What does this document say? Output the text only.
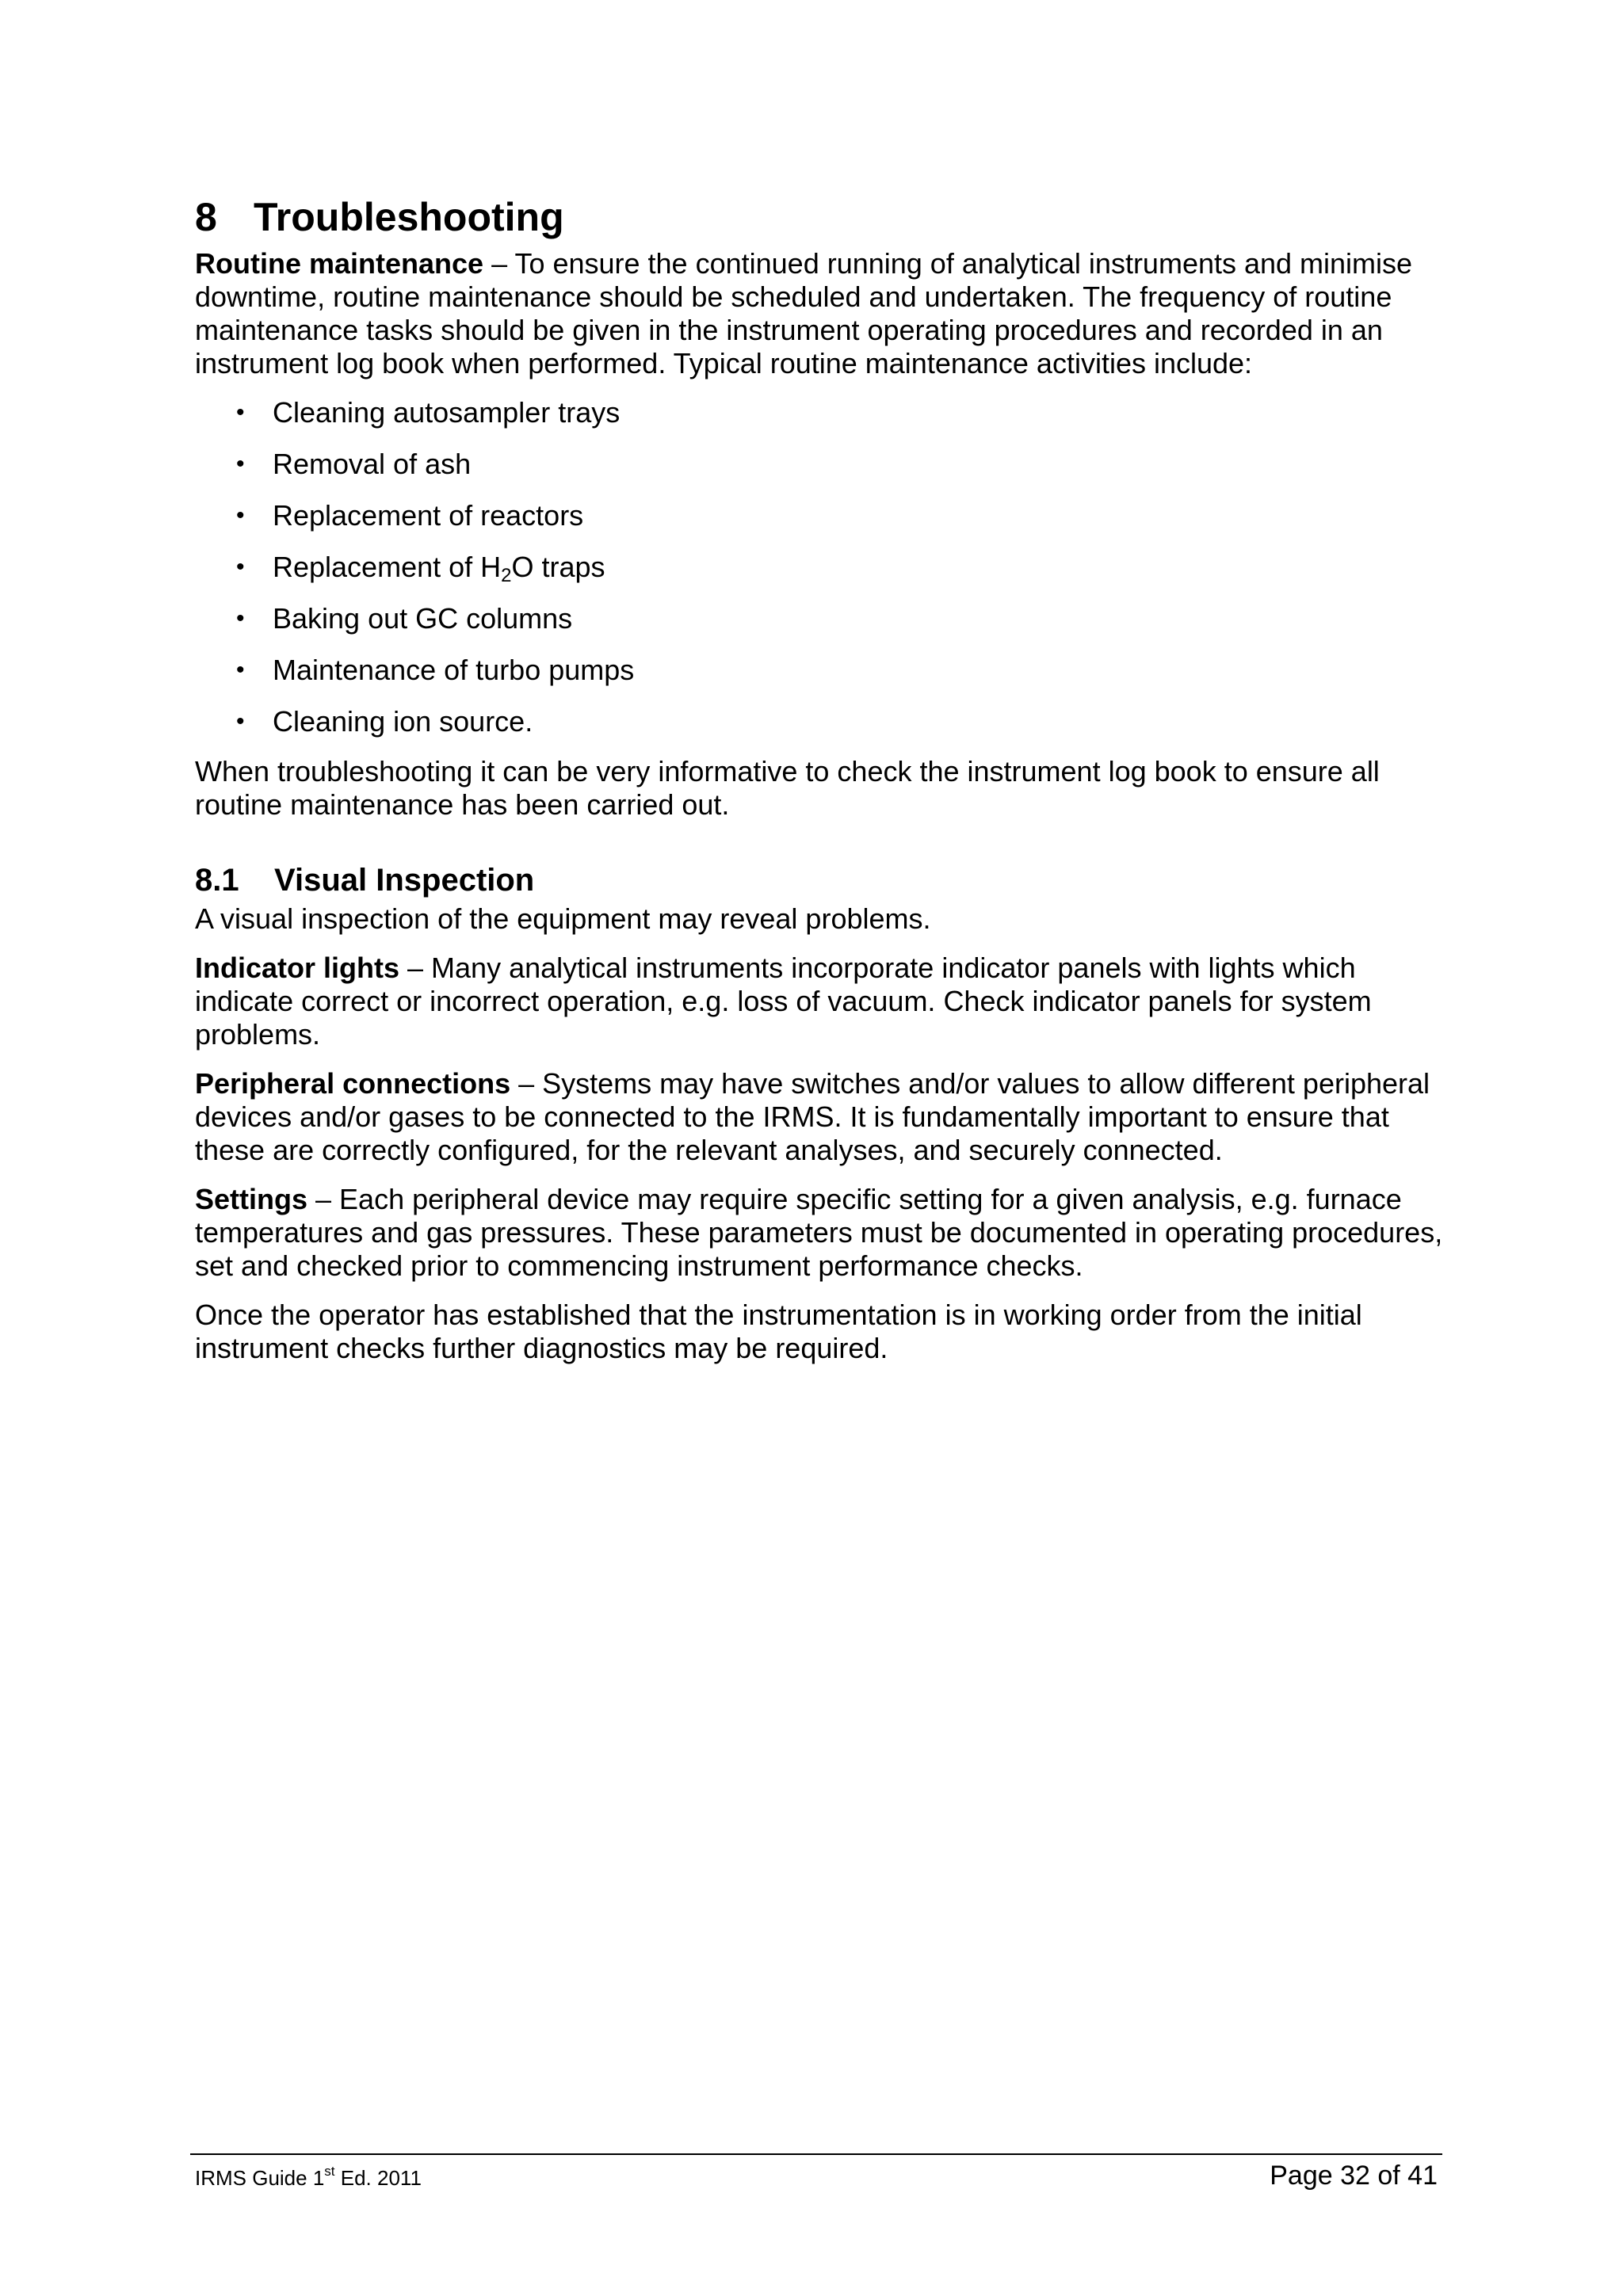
8 Troubleshooting

Routine maintenance – To ensure the continued running of analytical instruments and minimise downtime, routine maintenance should be scheduled and undertaken. The frequency of routine maintenance tasks should be given in the instrument operating procedures and recorded in an instrument log book when performed. Typical routine maintenance activities include:

• Cleaning autosampler trays
• Removal of ash
• Replacement of reactors
• Replacement of $H_2O$ traps
• Baking out GC columns
• Maintenance of turbo pumps
• Cleaning ion source.

When troubleshooting it can be very informative to check the instrument log book to ensure all routine maintenance has been carried out.

8.1 Visual Inspection

A visual inspection of the equipment may reveal problems.

Indicator lights – Many analytical instruments incorporate indicator panels with lights which indicate correct or incorrect operation, e.g. loss of vacuum. Check indicator panels for system problems.

Peripheral connections – Systems may have switches and/or values to allow different peripheral devices and/or gases to be connected to the IRMS. It is fundamentally important to ensure that these are correctly configured, for the relevant analyses, and securely connected.

Settings – Each peripheral device may require specific setting for a given analysis, e.g. furnace temperatures and gas pressures. These parameters must be documented in operating procedures, set and checked prior to commencing instrument performance checks.

Once the operator has established that the instrumentation is in working order from the initial instrument checks further diagnostics may be required.

IRMS Guide 1st Ed. 2011	Page 32 of 41
